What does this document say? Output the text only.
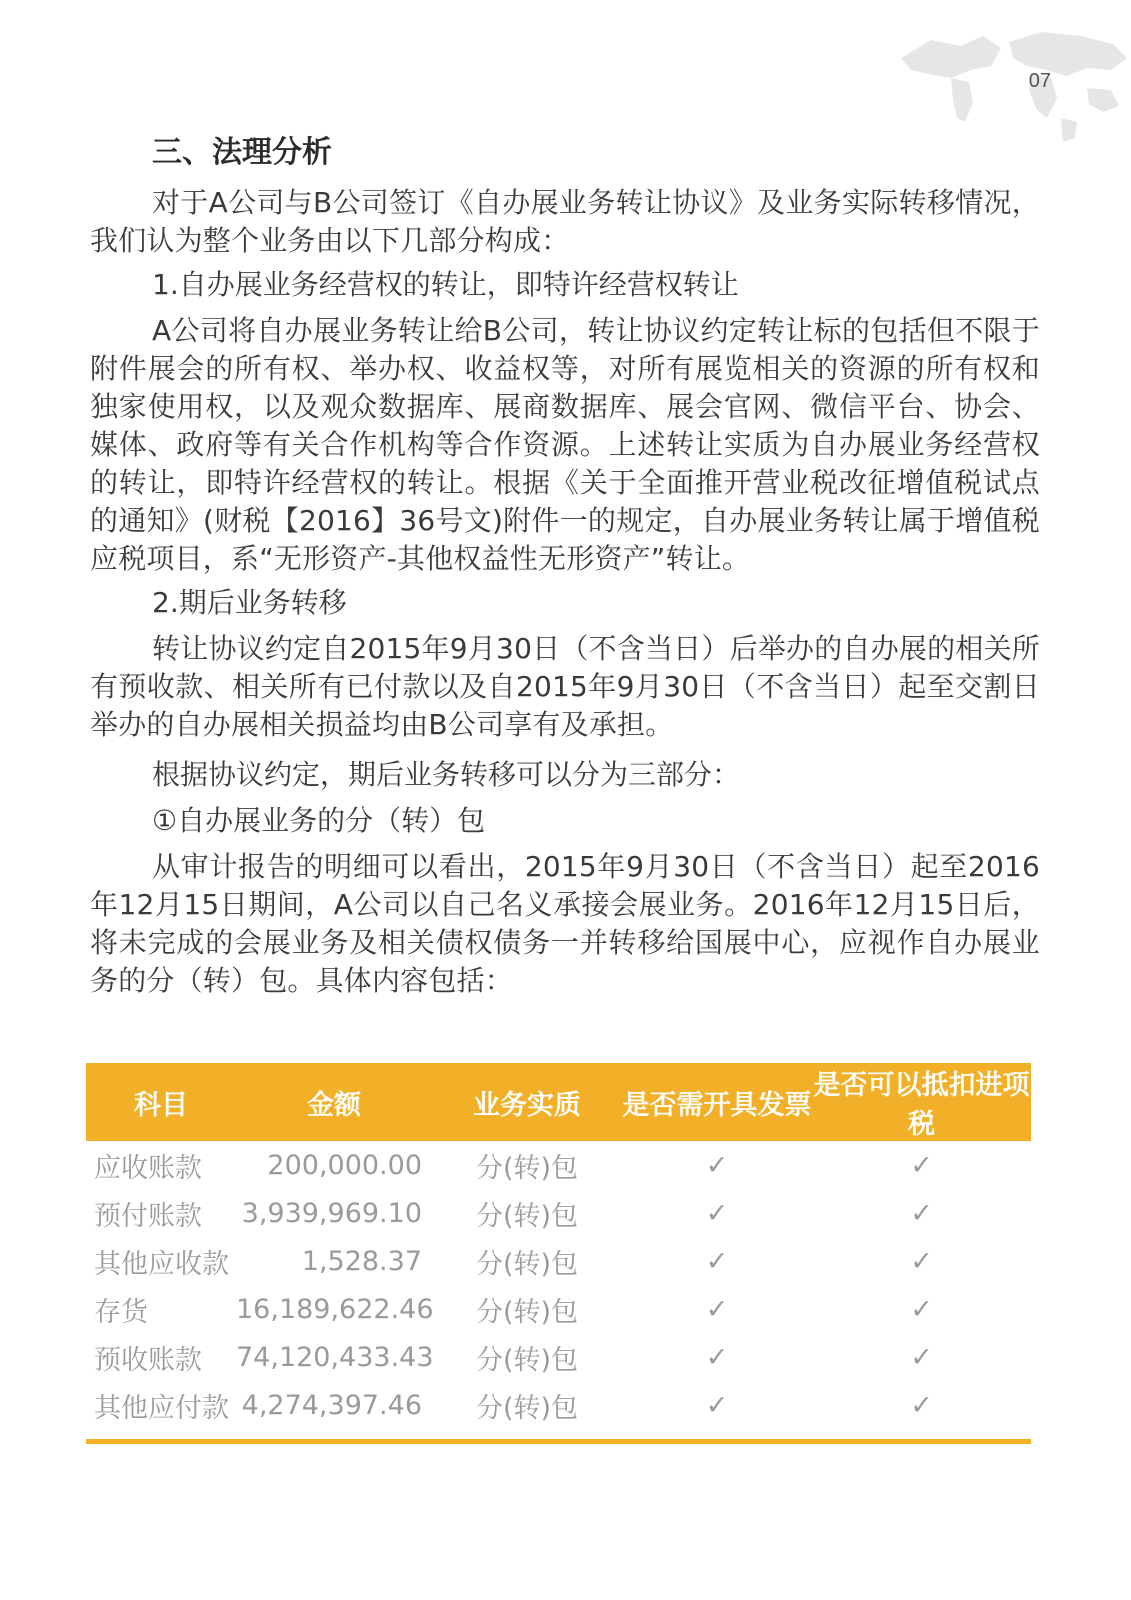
07
三、法理分析

对于A公司与B公司签订《自办展业务转让协议》及业务实际转移情况，我们认为整个业务由以下几部分构成：

1.自办展业务经营权的转让，即特许经营权转让

A公司将自办展业务转让给B公司，转让协议约定转让标的包括但不限于附件展会的所有权、举办权、收益权等，对所有展览相关的资源的所有权和独家使用权，以及观众数据库、展商数据库、展会官网、微信平台、协会、媒体、政府等有关合作机构等合作资源。上述转让实质为自办展业务经营权的转让，即特许经营权的转让。根据《关于全面推开营业税改征增值税试点的通知》(财税【2016】36号文)附件一的规定，自办展业务转让属于增值税应税项目，系“无形资产-其他权益性无形资产”转让。

2.期后业务转移

转让协议约定自2015年9月30日（不含当日）后举办的自办展的相关所有预收款、相关所有已付款以及自2015年9月30日（不含当日）起至交割日举办的自办展相关损益均由B公司享有及承担。

根据协议约定，期后业务转移可以分为三部分：
①自办展业务的分（转）包

从审计报告的明细可以看出，2015年9月30日（不含当日）起至2016年12月15日期间，A公司以自己名义承接会展业务。2016年12月15日后，将未完成的会展业务及相关债权债务一并转移给国展中心，应视作自办展业务的分（转）包。具体内容包括：

科目	金额	业务实质	是否需开具发票	是否可以抵扣进项税
应收账款	200,000.00	分(转)包	✓	✓
预付账款	3,939,969.10	分(转)包	✓	✓
其他应收款	1,528.37	分(转)包	✓	✓
存货	16,189,622.46	分(转)包	✓	✓
预收账款	74,120,433.43	分(转)包	✓	✓
其他应付款	4,274,397.46	分(转)包	✓	✓
